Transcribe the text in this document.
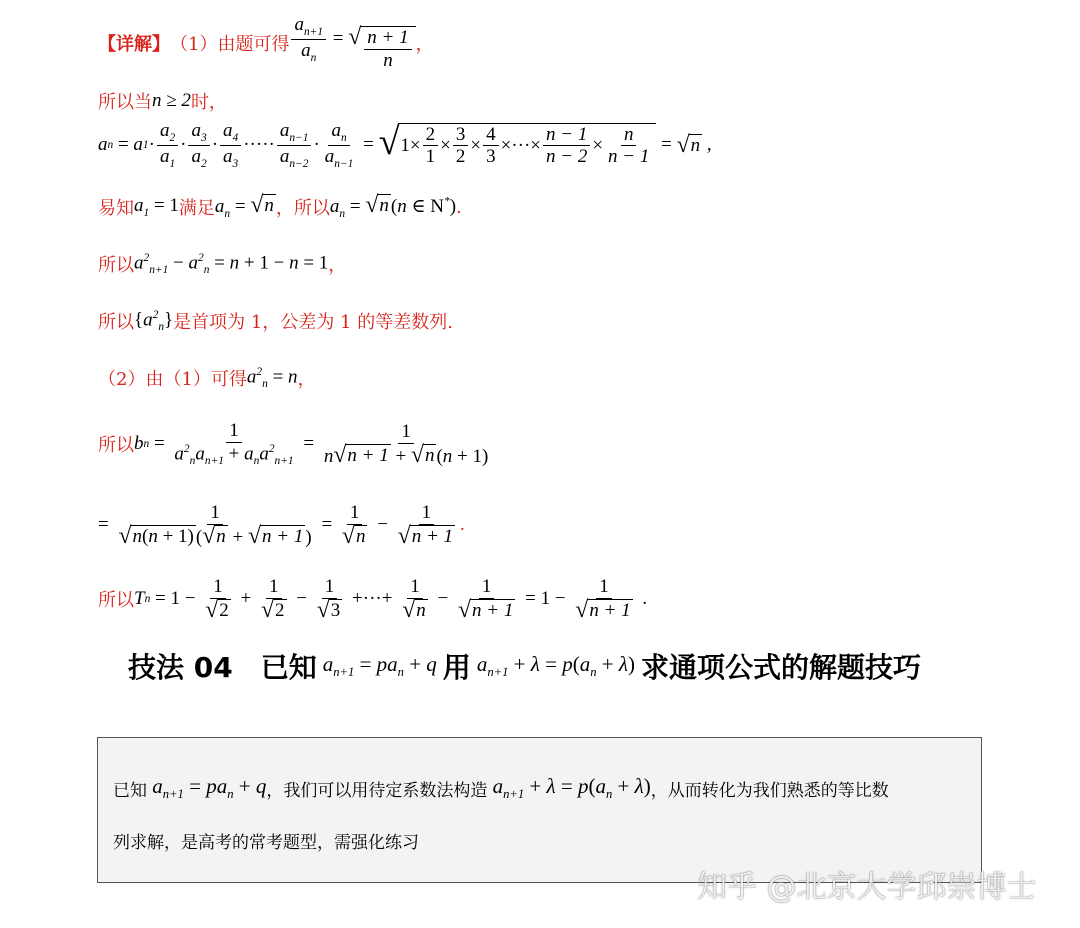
【详解】 （1）由题可得 $\frac{a_{n+1}}{a_n}$ = √ $\frac{n + 1}{n}$ ，
所以当 n ≥ 2 时，
a n = a $1 \cdot \frac{a_2}{a_1} \cdot \frac{a_3}{a_2} \cdot \frac{a_4}{a_3}$ ····· $\frac{a_{n-1}}{a_{n-2}} \cdot \frac{a_n}{a_{n-1}}$ = √ $1\times \frac{2}{1} \times \frac{3}{2} \times \frac{4}{3}$ ×···× $\frac{n - 1}{n - 2} \times \frac{n}{n - 1}$ = √ n ,
易知 $a_1 = 1$ 满足 $a_n$ = √ n ，所以 $a_n$ = √ n (n ∈ N*) .
所以 $a^2_{n+1} - a^2_n = n + 1 - n = 1$ ，
所以 $\{a^2_n\}$ 是首项为 1，公差为 1 的等差数列.
（2）由（1）可得 $a^2_n = n$ ，
所以 b $n = \frac{1}{a^2_na_{n+1} + a_na^2_{n+1}} = \frac{1}{n √ n + 1 + √ n (n + 1)}$
= $\frac{1}{√ n(n + 1) ( √ n + √ n + 1 )} = \frac{1}{√ n} - \frac{1}{√ n + 1}$ .
所以 T $n = 1 - \frac{1}{√ 2} + \frac{1}{√ 2} - \frac{1}{√ 3}$ +···+ $\frac{1}{√ n} - \frac{1}{√ n + 1} = 1 - \frac{1}{√ n + 1}$ .
技法 04　已知 $a_{n+1} = pa_n + q$ 用 $a_{n+1} + \lambda = p(a_n + \lambda)$ 求通项公式的解题技巧
已知 $a_{n+1} = pa_n + q$ ，我们可以用待定系数法构造 $a_{n+1} + \lambda = p(a_n + \lambda)$ ，从而转化为我们熟悉的等比数
列求解，是高考的常考题型，需强化练习
知乎 @北京大学邱崇博士
